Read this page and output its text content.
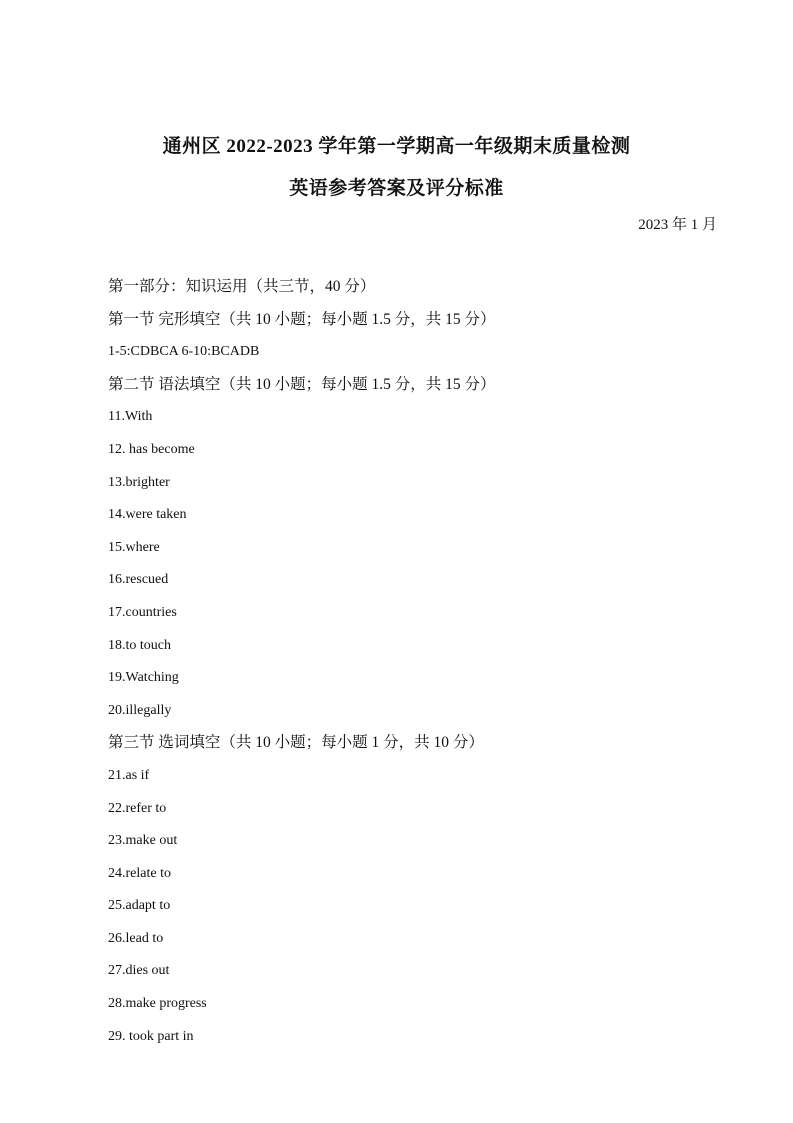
通州区 2022-2023 学年第一学期高一年级期末质量检测
英语参考答案及评分标准
2023 年 1 月
第一部分：知识运用（共三节，40 分）
第一节 完形填空（共 10 小题；每小题 1.5 分，共 15 分）
1-5:CDBCA 6-10:BCADB
第二节 语法填空（共 10 小题；每小题 1.5 分，共 15 分）
11.With
12. has become
13.brighter
14.were taken
15.where
16.rescued
17.countries
18.to touch
19.Watching
20.illegally
第三节 选词填空（共 10 小题；每小题 1 分，共 10 分）
21.as if
22.refer to
23.make out
24.relate to
25.adapt to
26.lead to
27.dies out
28.make progress
29. took part in
